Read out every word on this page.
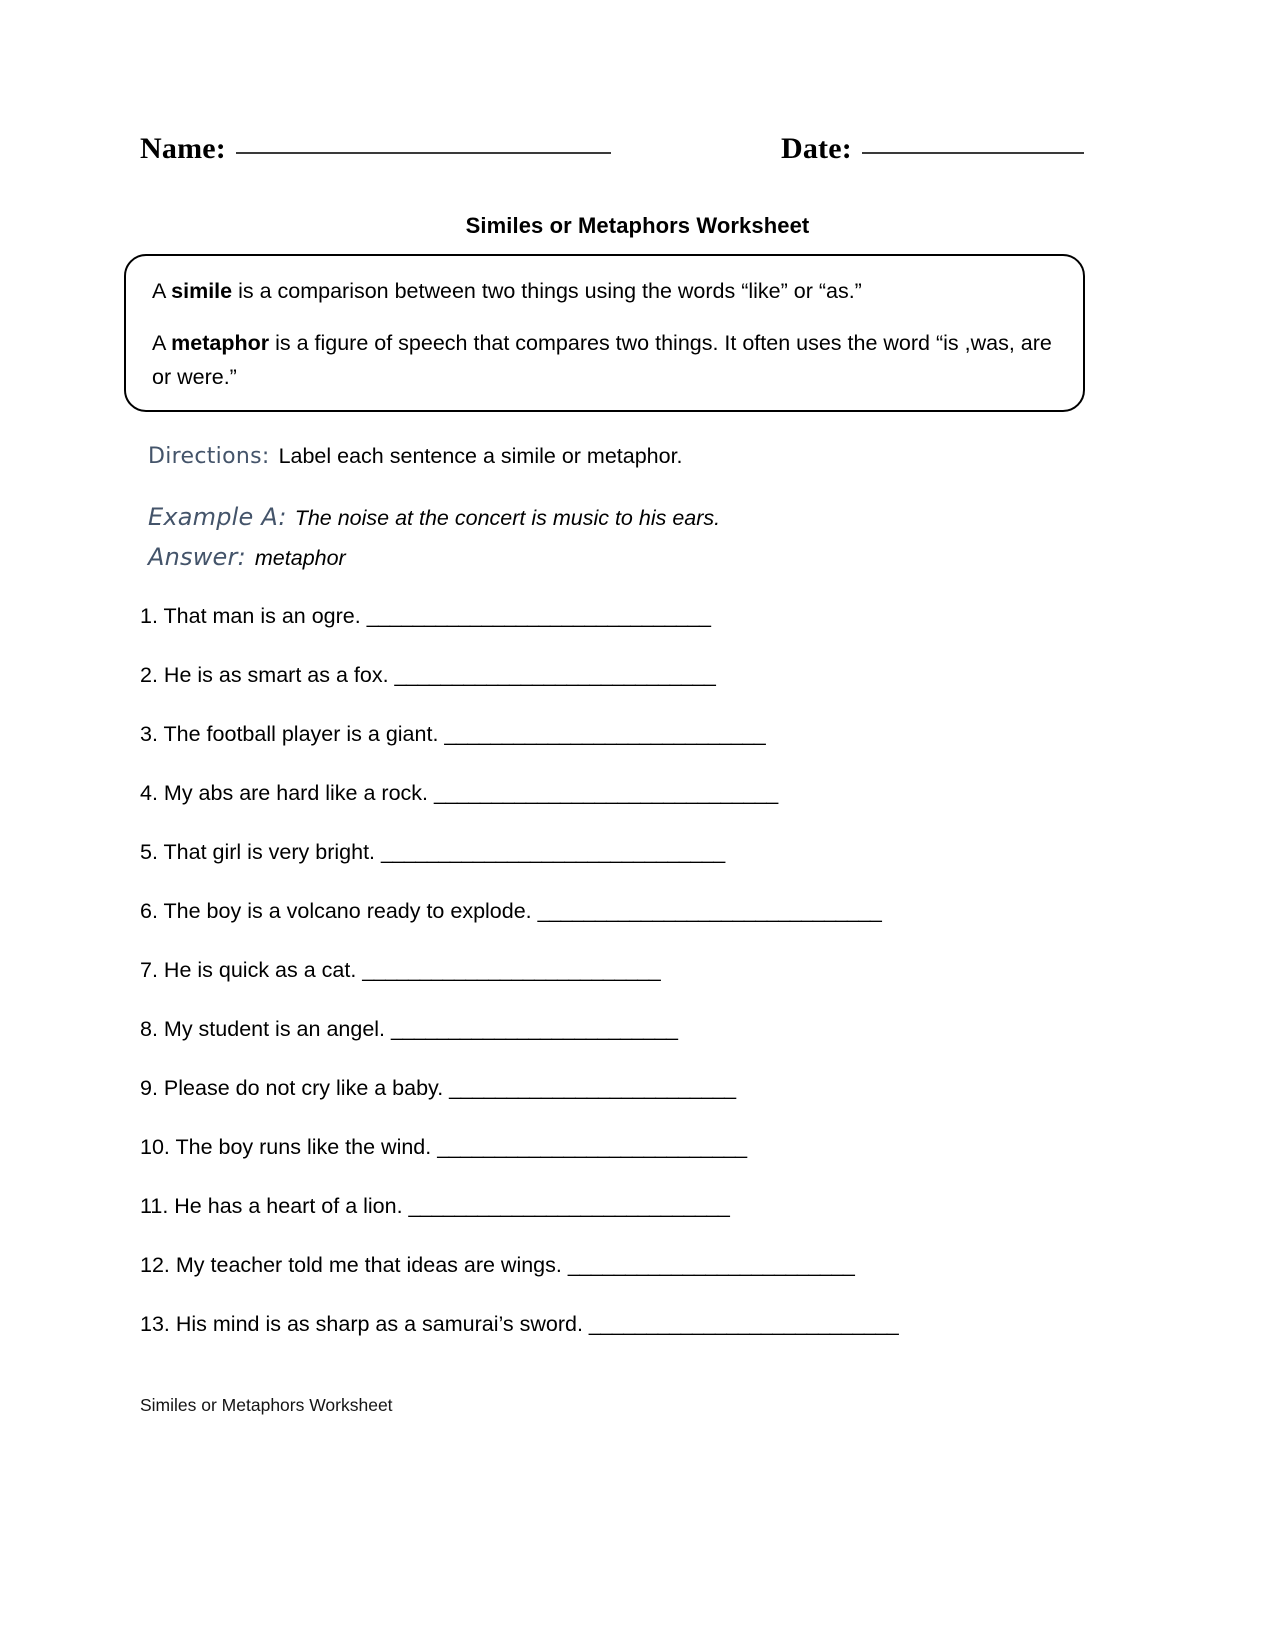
Name:	Date:
Similes or Metaphors Worksheet

A simile is a comparison between two things using the words “like” or “as.”

A metaphor is a figure of speech that compares two things. It often uses the word “is ,was, are or were.”

Directions: Label each sentence a simile or metaphor.
Example A: The noise at the concert is music to his ears.
Answer: metaphor
1. That man is an ogre. ______________________________
2. He is as smart as a fox. ____________________________
3. The football player is a giant. ____________________________
4. My abs are hard like a rock. ______________________________
5. That girl is very bright. ______________________________
6. The boy is a volcano ready to explode. ______________________________
7. He is quick as a cat. __________________________
8. My student is an angel. _________________________
9. Please do not cry like a baby. _________________________
10. The boy runs like the wind. ___________________________
11. He has a heart of a lion. ____________________________
12. My teacher told me that ideas are wings. _________________________
13. His mind is as sharp as a samurai’s sword. ___________________________
Similes or Metaphors Worksheet
